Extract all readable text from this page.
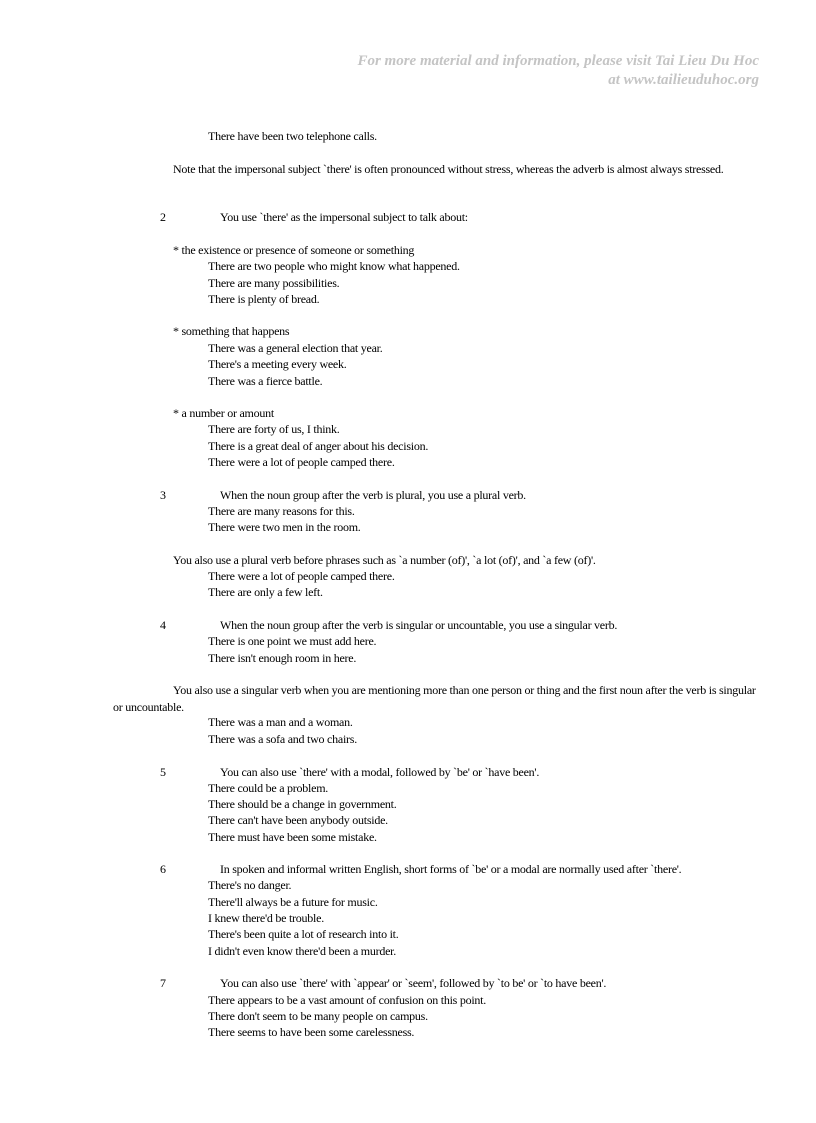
For more material and information, please visit Tai Lieu Du Hoc
at www.tailieuduhoc.org
There have been two telephone calls.
Note that the impersonal subject `there' is often pronounced without stress, whereas the adverb is almost always stressed.
2	You use `there' as the impersonal subject to talk about:
* the existence or presence of someone or something
There are two people who might know what happened.
There are many possibilities.
There is plenty of bread.
* something that happens
There was a general election that year.
There's a meeting every week.
There was a fierce battle.
* a number or amount
There are forty of us, I think.
There is a great deal of anger about his decision.
There were a lot of people camped there.
3	When the noun group after the verb is plural, you use a plural verb.
There are many reasons for this.
There were two men in the room.
You also use a plural verb before phrases such as `a number (of)', `a lot (of)', and `a few (of)'.
There were a lot of people camped there.
There are only a few left.
4	When the noun group after the verb is singular or uncountable, you use a singular verb.
There is one point we must add here.
There isn't enough room in here.
You also use a singular verb when you are mentioning more than one person or thing and the first noun after the verb is singular or uncountable.
There was a man and a woman.
There was a sofa and two chairs.
5	You can also use `there' with a modal, followed by `be' or `have been'.
There could be a problem.
There should be a change in government.
There can't have been anybody outside.
There must have been some mistake.
6	In spoken and informal written English, short forms of `be' or a modal are normally used after `there'.
There's no danger.
There'll always be a future for music.
I knew there'd be trouble.
There's been quite a lot of research into it.
I didn't even know there'd been a murder.
7	You can also use `there' with `appear' or `seem', followed by `to be' or `to have been'.
There appears to be a vast amount of confusion on this point.
There don't seem to be many people on campus.
There seems to have been some carelessness.
